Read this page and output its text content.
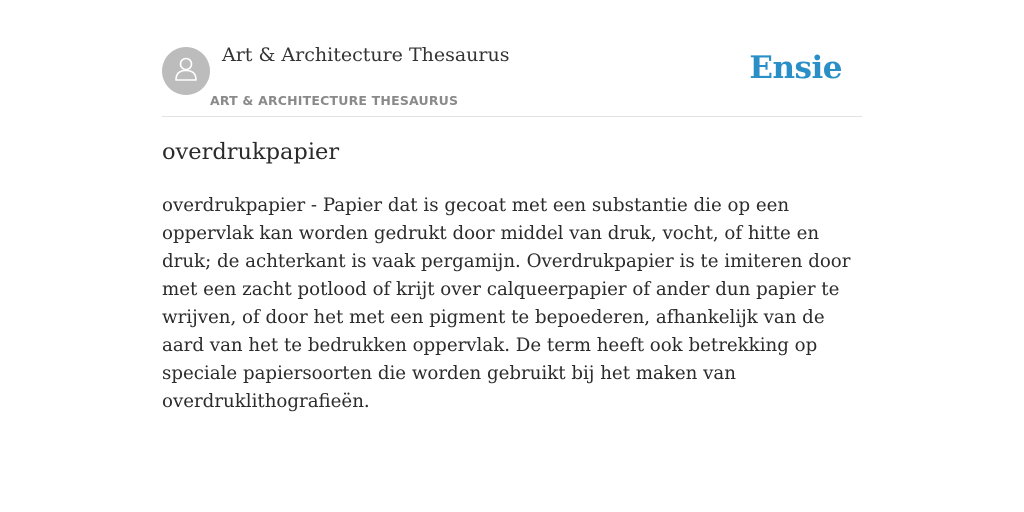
Art & Architecture Thesaurus
ART & ARCHITECTURE THESAURUS
Ensie
overdrukpapier

overdrukpapier - Papier dat is gecoat met een substantie die op een oppervlak kan worden gedrukt door middel van druk, vocht, of hitte en druk; de achterkant is vaak pergamijn. Overdrukpapier is te imiteren door met een zacht potlood of krijt over calqueerpapier of ander dun papier te wrijven, of door het met een pigment te bepoederen, afhankelijk van de aard van het te bedrukken oppervlak. De term heeft ook betrekking op speciale papiersoorten die worden gebruikt bij het maken van overdruklithografieën.
